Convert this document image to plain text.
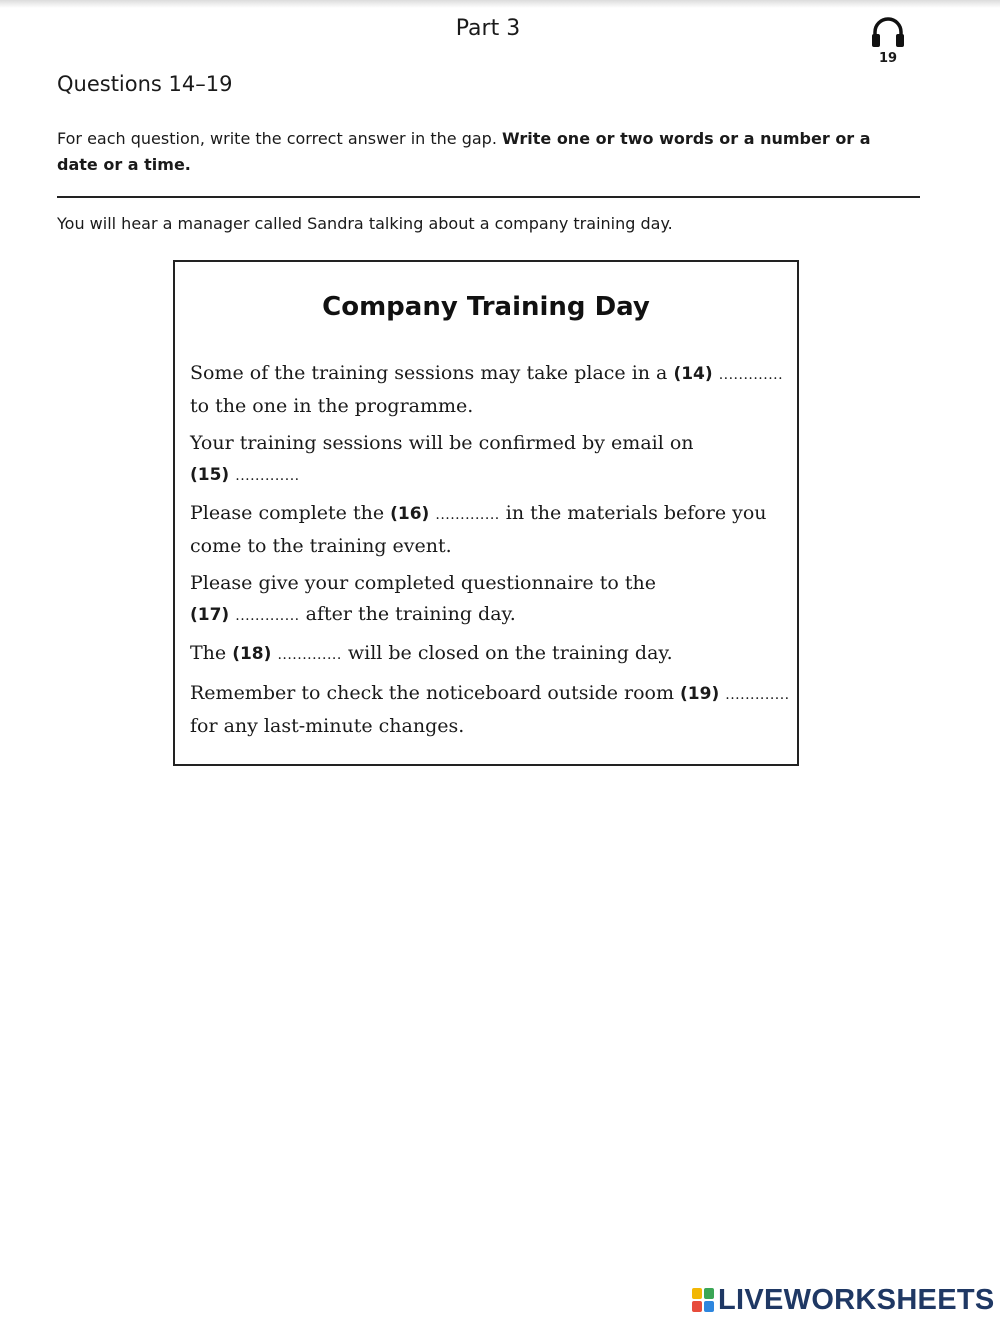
Part 3
19
Questions 14–19
For each question, write the correct answer in the gap. Write one or two words or a number or a date or a time.
You will hear a manager called Sandra talking about a company training day.
Company Training Day
Some of the training sessions may take place in a (14) ............. to the one in the programme.
Your training sessions will be confirmed by email on
(15) .............
Please complete the (16) ............. in the materials before you come to the training event.
Please give your completed questionnaire to the
(17) ............. after the training day.
The (18) ............. will be closed on the training day.
Remember to check the noticeboard outside room (19) ............. for any last-minute changes.
LIVEWORKSHEETS
